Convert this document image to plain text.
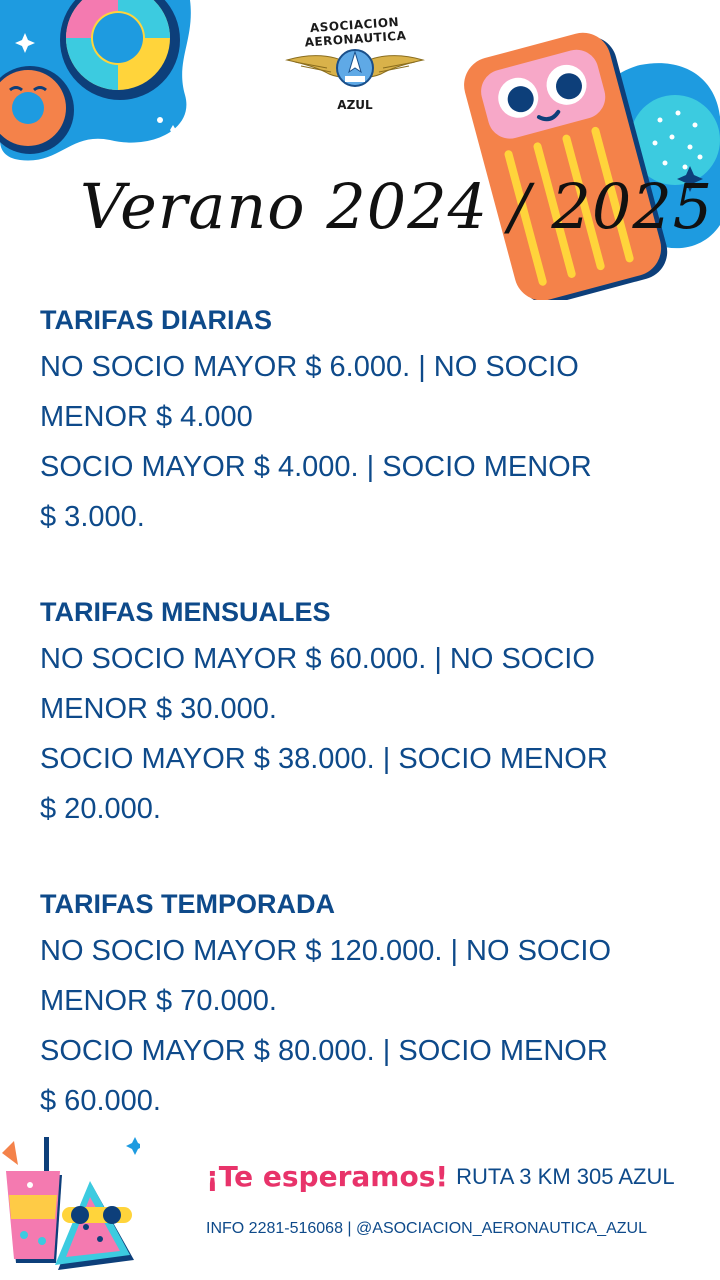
ASOCIACION AERONAUTICA
AZUL
Verano 2024 / 2025
TARIFAS DIARIAS
NO SOCIO MAYOR $ 6.000. | NO SOCIO
MENOR $ 4.000
SOCIO MAYOR $ 4.000. | SOCIO MENOR
$ 3.000.
TARIFAS MENSUALES
NO SOCIO MAYOR $ 60.000. | NO SOCIO
MENOR $ 30.000.
SOCIO MAYOR $ 38.000. | SOCIO MENOR
$ 20.000.
TARIFAS TEMPORADA
NO SOCIO MAYOR $ 120.000. | NO SOCIO
MENOR $ 70.000.
SOCIO MAYOR $ 80.000. | SOCIO MENOR
$ 60.000.
¡Te esperamos! RUTA 3 KM 305 AZUL
INFO 2281-516068 | @ASOCIACION_AERONAUTICA_AZUL
